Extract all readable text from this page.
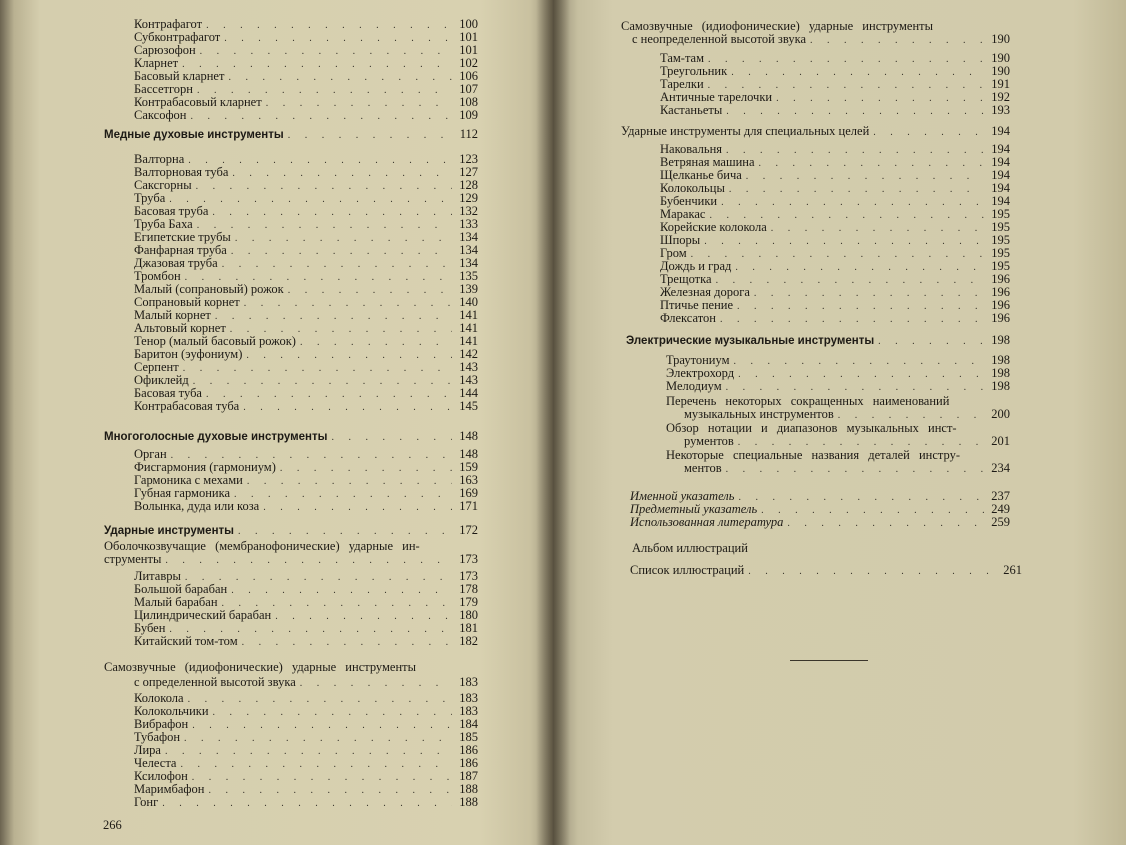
Контрафагот . . .	100
Субконтрафагот . . .	101
Сарюзофон . . .	101
Кларнет . . .	102
Басовый кларнет . . .	106
Бассетгорн . . .	107
Контрабасовый кларнет . . .	108
Саксофон . . .	109
Медные духовые инструменты . . .	112
Валторна . . .	123
Валторновая туба . . .	127
Саксгорны . . .	128
Труба . . .	129
Басовая труба . . .	132
Труба Баха . . .	133
Египетские трубы . . .	134
Фанфарная труба . . .	134
Джазовая труба . . .	134
Тромбон . . .	135
Малый (сопрановый) рожок . . .	139
Сопрановый корнет . . .	140
Малый корнет . . .	141
Альтовый корнет . . .	141
Тенор (малый басовый рожок) . . .	141
Баритон (эуфониум) . . .	142
Серпент . . .	143
Офиклейд . . .	143
Басовая туба . . .	144
Контрабасовая туба . . .	145
Многоголосные духовые инструменты . . .	148
Орган . . .	148
Фисгармония (гармониум) . . .	159
Гармоника с мехами . . .	163
Губная гармоника . . .	169
Волынка, дуда или коза . . .	171
Ударные инструменты . . .	172
Литавры . . .	173
Большой барабан . . .	178
Малый барабан . . .	179
Цилиндрический барабан . . .	180
Бубен . . .	181
Китайский том-том . . .	182
Колокола . . .	183
Колокольчики . . .	183
Вибрафон . . .	184
Тубафон . . .	185
Лира . . .	186
Челеста . . .	186
Ксилофон . . .	187
Маримбафон . . .	188
Гонг . . .	188
Оболочкозвучащие (мембранофонические) ударные ин-
струменты . . .	173
Самозвучные (идиофонические) ударные инструменты
с определенной высотой звука . . .	183
Самозвучные (идиофонические) ударные инструменты
с неопределенной высотой звука . . .	190
Там-там . . .	190
Треугольник . . .	190
Тарелки . . .	191
Античные тарелочки . . .	192
Кастаньеты . . .	193
Ударные инструменты для специальных целей . . .	194
Наковальня . . .	194
Ветряная машина . . .	194
Щелканье бича . . .	194
Колокольцы . . .	194
Бубенчики . . .	194
Маракас . . .	195
Корейские колокола . . .	195
Шпоры . . .	195
Гром . . .	195
Дождь и град . . .	195
Трещотка . . .	196
Железная дорога . . .	196
Птичье пение . . .	196
Флексатон . . .	196
Электрические музыкальные инструменты . . .	198
Траутониум . . .	198
Электрохорд . . .	198
Мелодиум . . .	198
Перечень некоторых сокращенных наименований
музыкальных инструментов . . .	200
Обзор нотации и диапазонов музыкальных инст-
рументов . . .	201
Некоторые специальные названия деталей инстру-
ментов . . .	234
Именной указатель . . .	237
Предметный указатель . . .	249
Использованная литература . . .	259
Альбом иллюстраций
Список иллюстраций . . .	261
266
